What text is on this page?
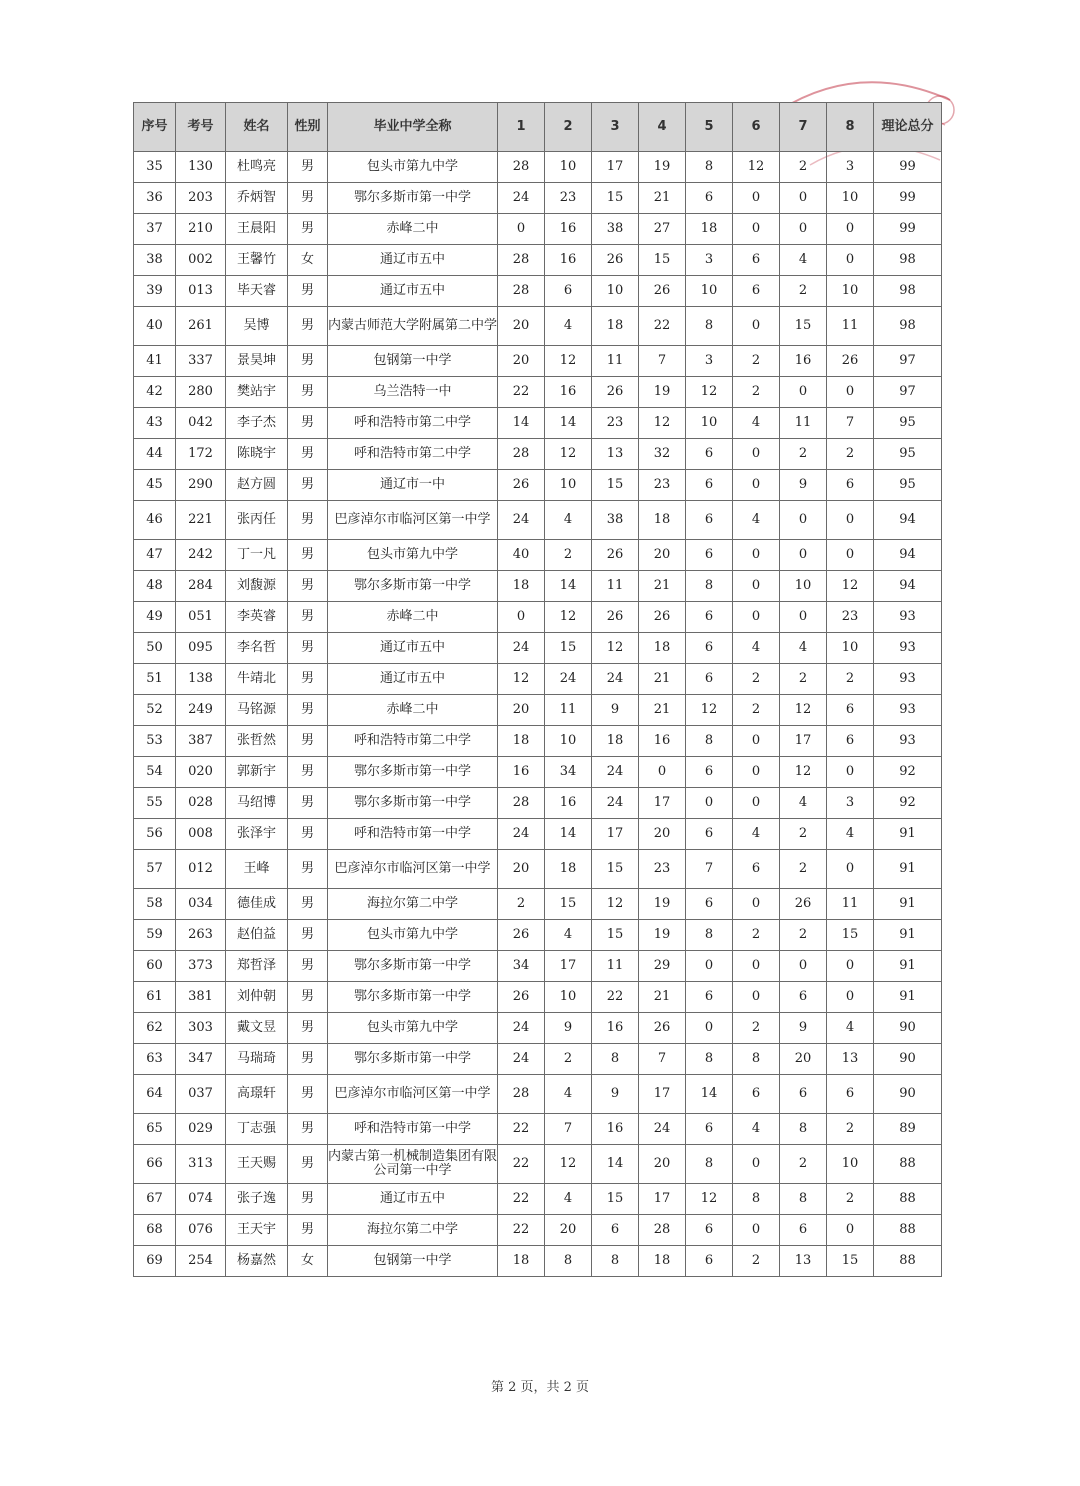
序号	考号	姓名	性别	毕业中学全称	1	2	3	4	5	6	7	8	理论总分
35	130	杜鸣亮	男	包头市第九中学	28	10	17	19	8	12	2	3	99
36	203	乔炳智	男	鄂尔多斯市第一中学	24	23	15	21	6	0	0	10	99
37	210	王晨阳	男	赤峰二中	0	16	38	27	18	0	0	0	99
38	002	王馨竹	女	通辽市五中	28	16	26	15	3	6	4	0	98
39	013	毕天睿	男	通辽市五中	28	6	10	26	10	6	2	10	98
40	261	吴博	男	内蒙古师范大学附属第二中学	20	4	18	22	8	0	15	11	98
41	337	景昊坤	男	包钢第一中学	20	12	11	7	3	2	16	26	97
42	280	樊站宇	男	乌兰浩特一中	22	16	26	19	12	2	0	0	97
43	042	李子杰	男	呼和浩特市第二中学	14	14	23	12	10	4	11	7	95
44	172	陈晓宇	男	呼和浩特市第二中学	28	12	13	32	6	0	2	2	95
45	290	赵方圆	男	通辽市一中	26	10	15	23	6	0	9	6	95
46	221	张丙任	男	巴彦淖尔市临河区第一中学	24	4	38	18	6	4	0	0	94
47	242	丁一凡	男	包头市第九中学	40	2	26	20	6	0	0	0	94
48	284	刘馥源	男	鄂尔多斯市第一中学	18	14	11	21	8	0	10	12	94
49	051	李英睿	男	赤峰二中	0	12	26	26	6	0	0	23	93
50	095	李名哲	男	通辽市五中	24	15	12	18	6	4	4	10	93
51	138	牛靖北	男	通辽市五中	12	24	24	21	6	2	2	2	93
52	249	马铭源	男	赤峰二中	20	11	9	21	12	2	12	6	93
53	387	张哲然	男	呼和浩特市第二中学	18	10	18	16	8	0	17	6	93
54	020	郭新宇	男	鄂尔多斯市第一中学	16	34	24	0	6	0	12	0	92
55	028	马绍博	男	鄂尔多斯市第一中学	28	16	24	17	0	0	4	3	92
56	008	张泽宇	男	呼和浩特市第一中学	24	14	17	20	6	4	2	4	91
57	012	王峰	男	巴彦淖尔市临河区第一中学	20	18	15	23	7	6	2	0	91
58	034	德佳成	男	海拉尔第二中学	2	15	12	19	6	0	26	11	91
59	263	赵伯益	男	包头市第九中学	26	4	15	19	8	2	2	15	91
60	373	郑哲泽	男	鄂尔多斯市第一中学	34	17	11	29	0	0	0	0	91
61	381	刘仲朝	男	鄂尔多斯市第一中学	26	10	22	21	6	0	6	0	91
62	303	戴文昱	男	包头市第九中学	24	9	16	26	0	2	9	4	90
63	347	马瑞琦	男	鄂尔多斯市第一中学	24	2	8	7	8	8	20	13	90
64	037	高璟轩	男	巴彦淖尔市临河区第一中学	28	4	9	17	14	6	6	6	90
65	029	丁志强	男	呼和浩特市第一中学	22	7	16	24	6	4	8	2	89
66	313	王天赐	男	内蒙古第一机械制造集团有限公司第一中学	22	12	14	20	8	0	2	10	88
67	074	张子逸	男	通辽市五中	22	4	15	17	12	8	8	2	88
68	076	王天宇	男	海拉尔第二中学	22	20	6	28	6	0	6	0	88
69	254	杨嘉然	女	包钢第一中学	18	8	8	18	6	2	13	15	88
第 2 页，共 2 页
